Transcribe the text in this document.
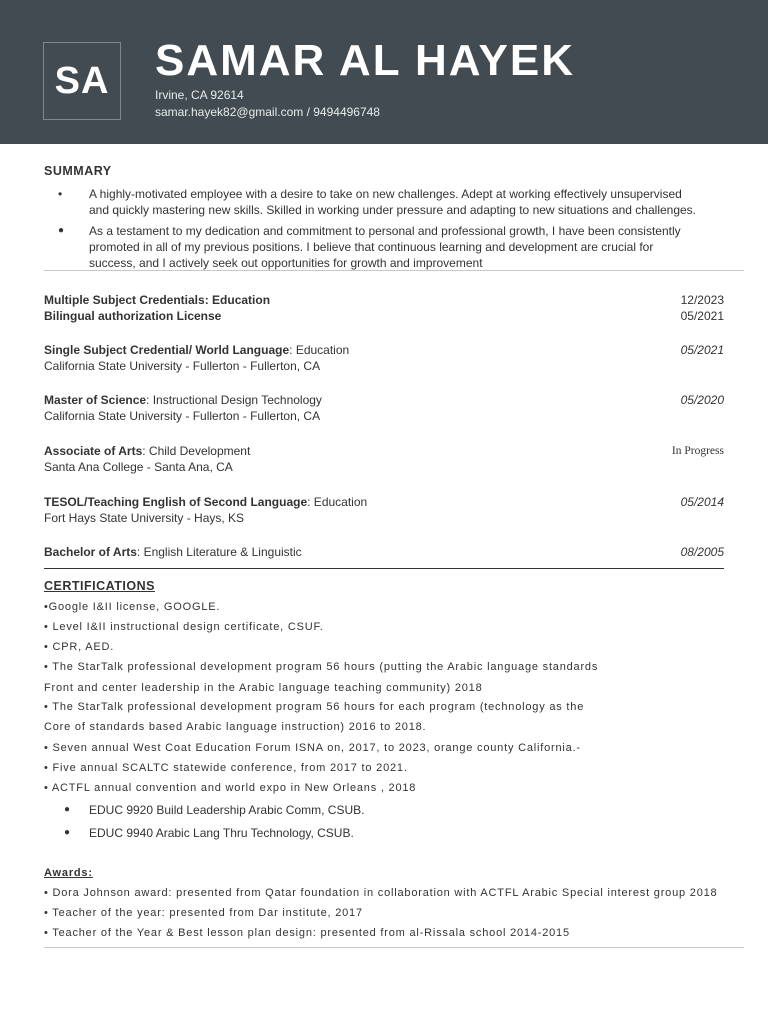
SA SAMAR AL HAYEK
Irvine, CA 92614
samar.hayek82@gmail.com / 9494496748
SUMMARY
• A highly-motivated employee with a desire to take on new challenges. Adept at working effectively unsupervised
and quickly mastering new skills. Skilled in working under pressure and adapting to new situations and challenges.
● As a testament to my dedication and commitment to personal and professional growth, I have been consistently
promoted in all of my previous positions. I believe that continuous learning and development are crucial for
success, and I actively seek out opportunities for growth and improvement
Multiple Subject Credentials: Education
Bilingual authorization License
12/2023
05/2021
Single Subject Credential/ World Language: Education
California State University - Fullerton - Fullerton, CA
05/2021
Master of Science: Instructional Design Technology
California State University - Fullerton - Fullerton, CA
05/2020
Associate of Arts: Child Development
Santa Ana College - Santa Ana, CA
In Progress
TESOL/Teaching English of Second Language: Education
Fort Hays State University - Hays, KS
05/2014
Bachelor of Arts: English Literature & Linguistic	08/2005
CERTIFICATIONS
•Google I&II license, GOOGLE.
• Level I&II instructional design certificate, CSUF.
• CPR, AED.
• The StarTalk professional development program 56 hours (putting the Arabic language standards
Front and center leadership in the Arabic language teaching community) 2018
• The StarTalk professional development program 56 hours for each program (technology as the
Core of standards based Arabic language instruction) 2016 to 2018.
• Seven annual West Coat Education Forum ISNA on, 2017, to 2023, orange county California.-
• Five annual SCALTC statewide conference, from 2017 to 2021.
• ACTFL annual convention and world expo in New Orleans , 2018
● EDUC 9920 Build Leadership Arabic Comm, CSUB.
● EDUC 9940 Arabic Lang Thru Technology, CSUB.
Awards:
• Dora Johnson award: presented from Qatar foundation in collaboration with ACTFL Arabic Special interest group 2018
• Teacher of the year: presented from Dar institute, 2017
• Teacher of the Year & Best lesson plan design: presented from al-Rissala school 2014-2015
